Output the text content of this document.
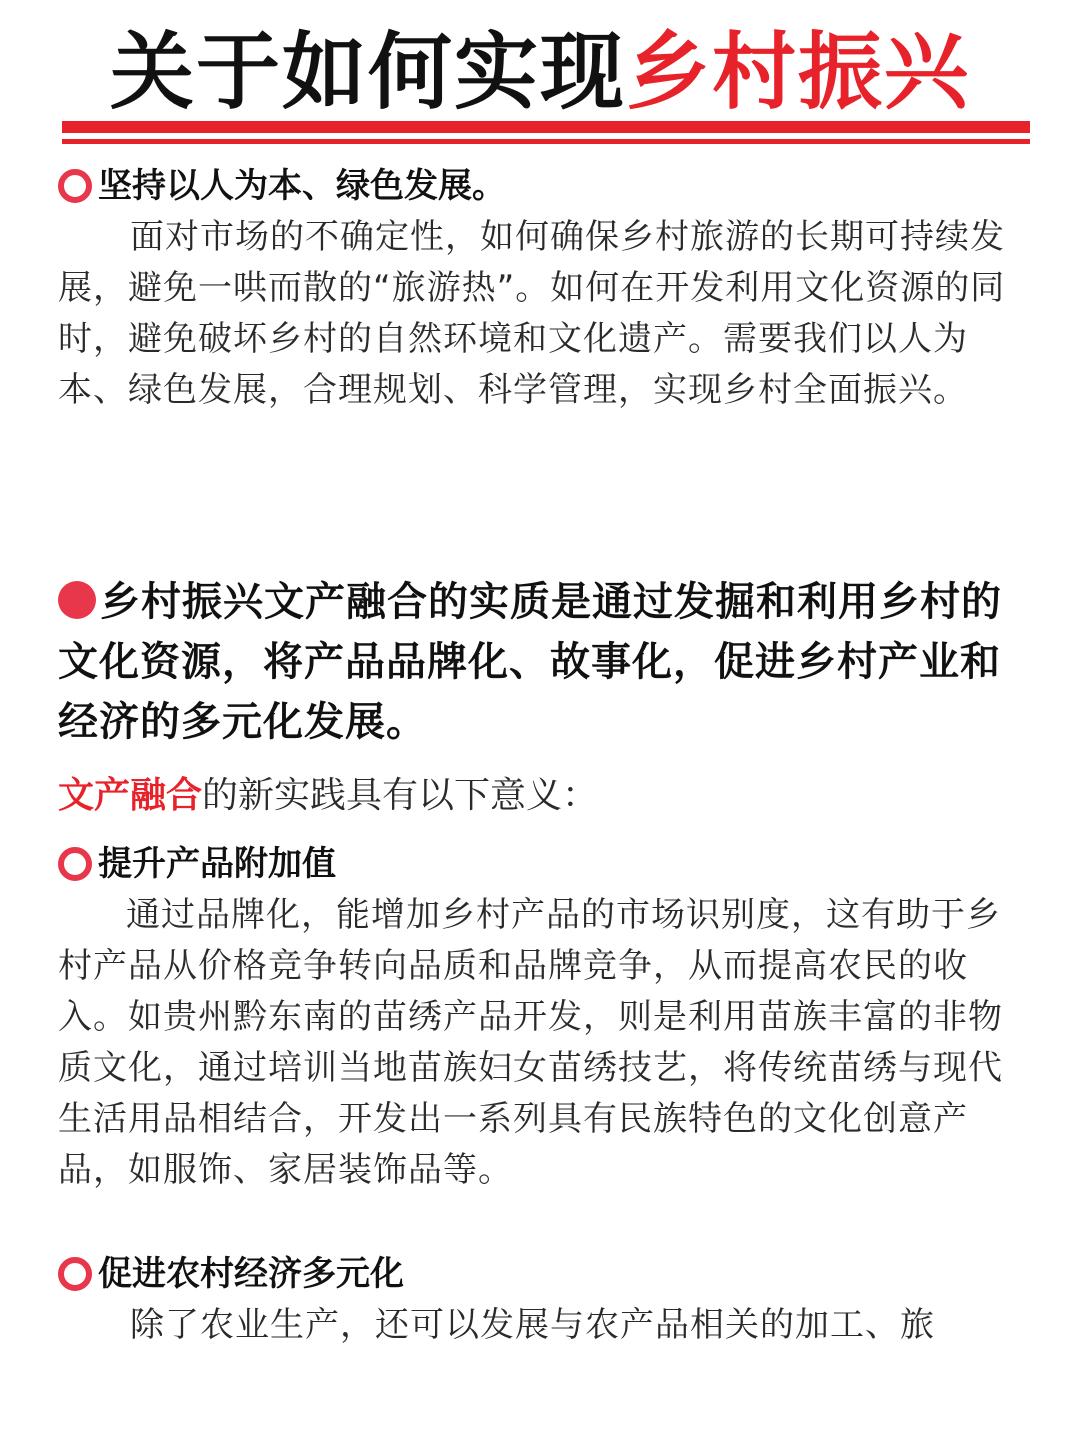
关于如何实现乡村振兴
坚持以人为本、绿色发展。
面对市场的不确定性，如何确保乡村旅游的长期可持续发展，避免一哄而散的“旅游热”。如何在开发利用文化资源的同时，避免破坏乡村的自然环境和文化遗产。需要我们以人为本、绿色发展，合理规划、科学管理，实现乡村全面振兴。
乡村振兴文产融合的实质是通过发掘和利用乡村的文化资源，将产品品牌化、故事化，促进乡村产业和经济的多元化发展。
文产融合的新实践具有以下意义：
提升产品附加值
通过品牌化，能增加乡村产品的市场识别度，这有助于乡村产品从价格竞争转向品质和品牌竞争，从而提高农民的收入。如贵州黔东南的苗绣产品开发，则是利用苗族丰富的非物质文化，通过培训当地苗族妇女苗绣技艺，将传统苗绣与现代生活用品相结合，开发出一系列具有民族特色的文化创意产品，如服饰、家居装饰品等。
促进农村经济多元化
除了农业生产，还可以发展与农产品相关的加工、旅
